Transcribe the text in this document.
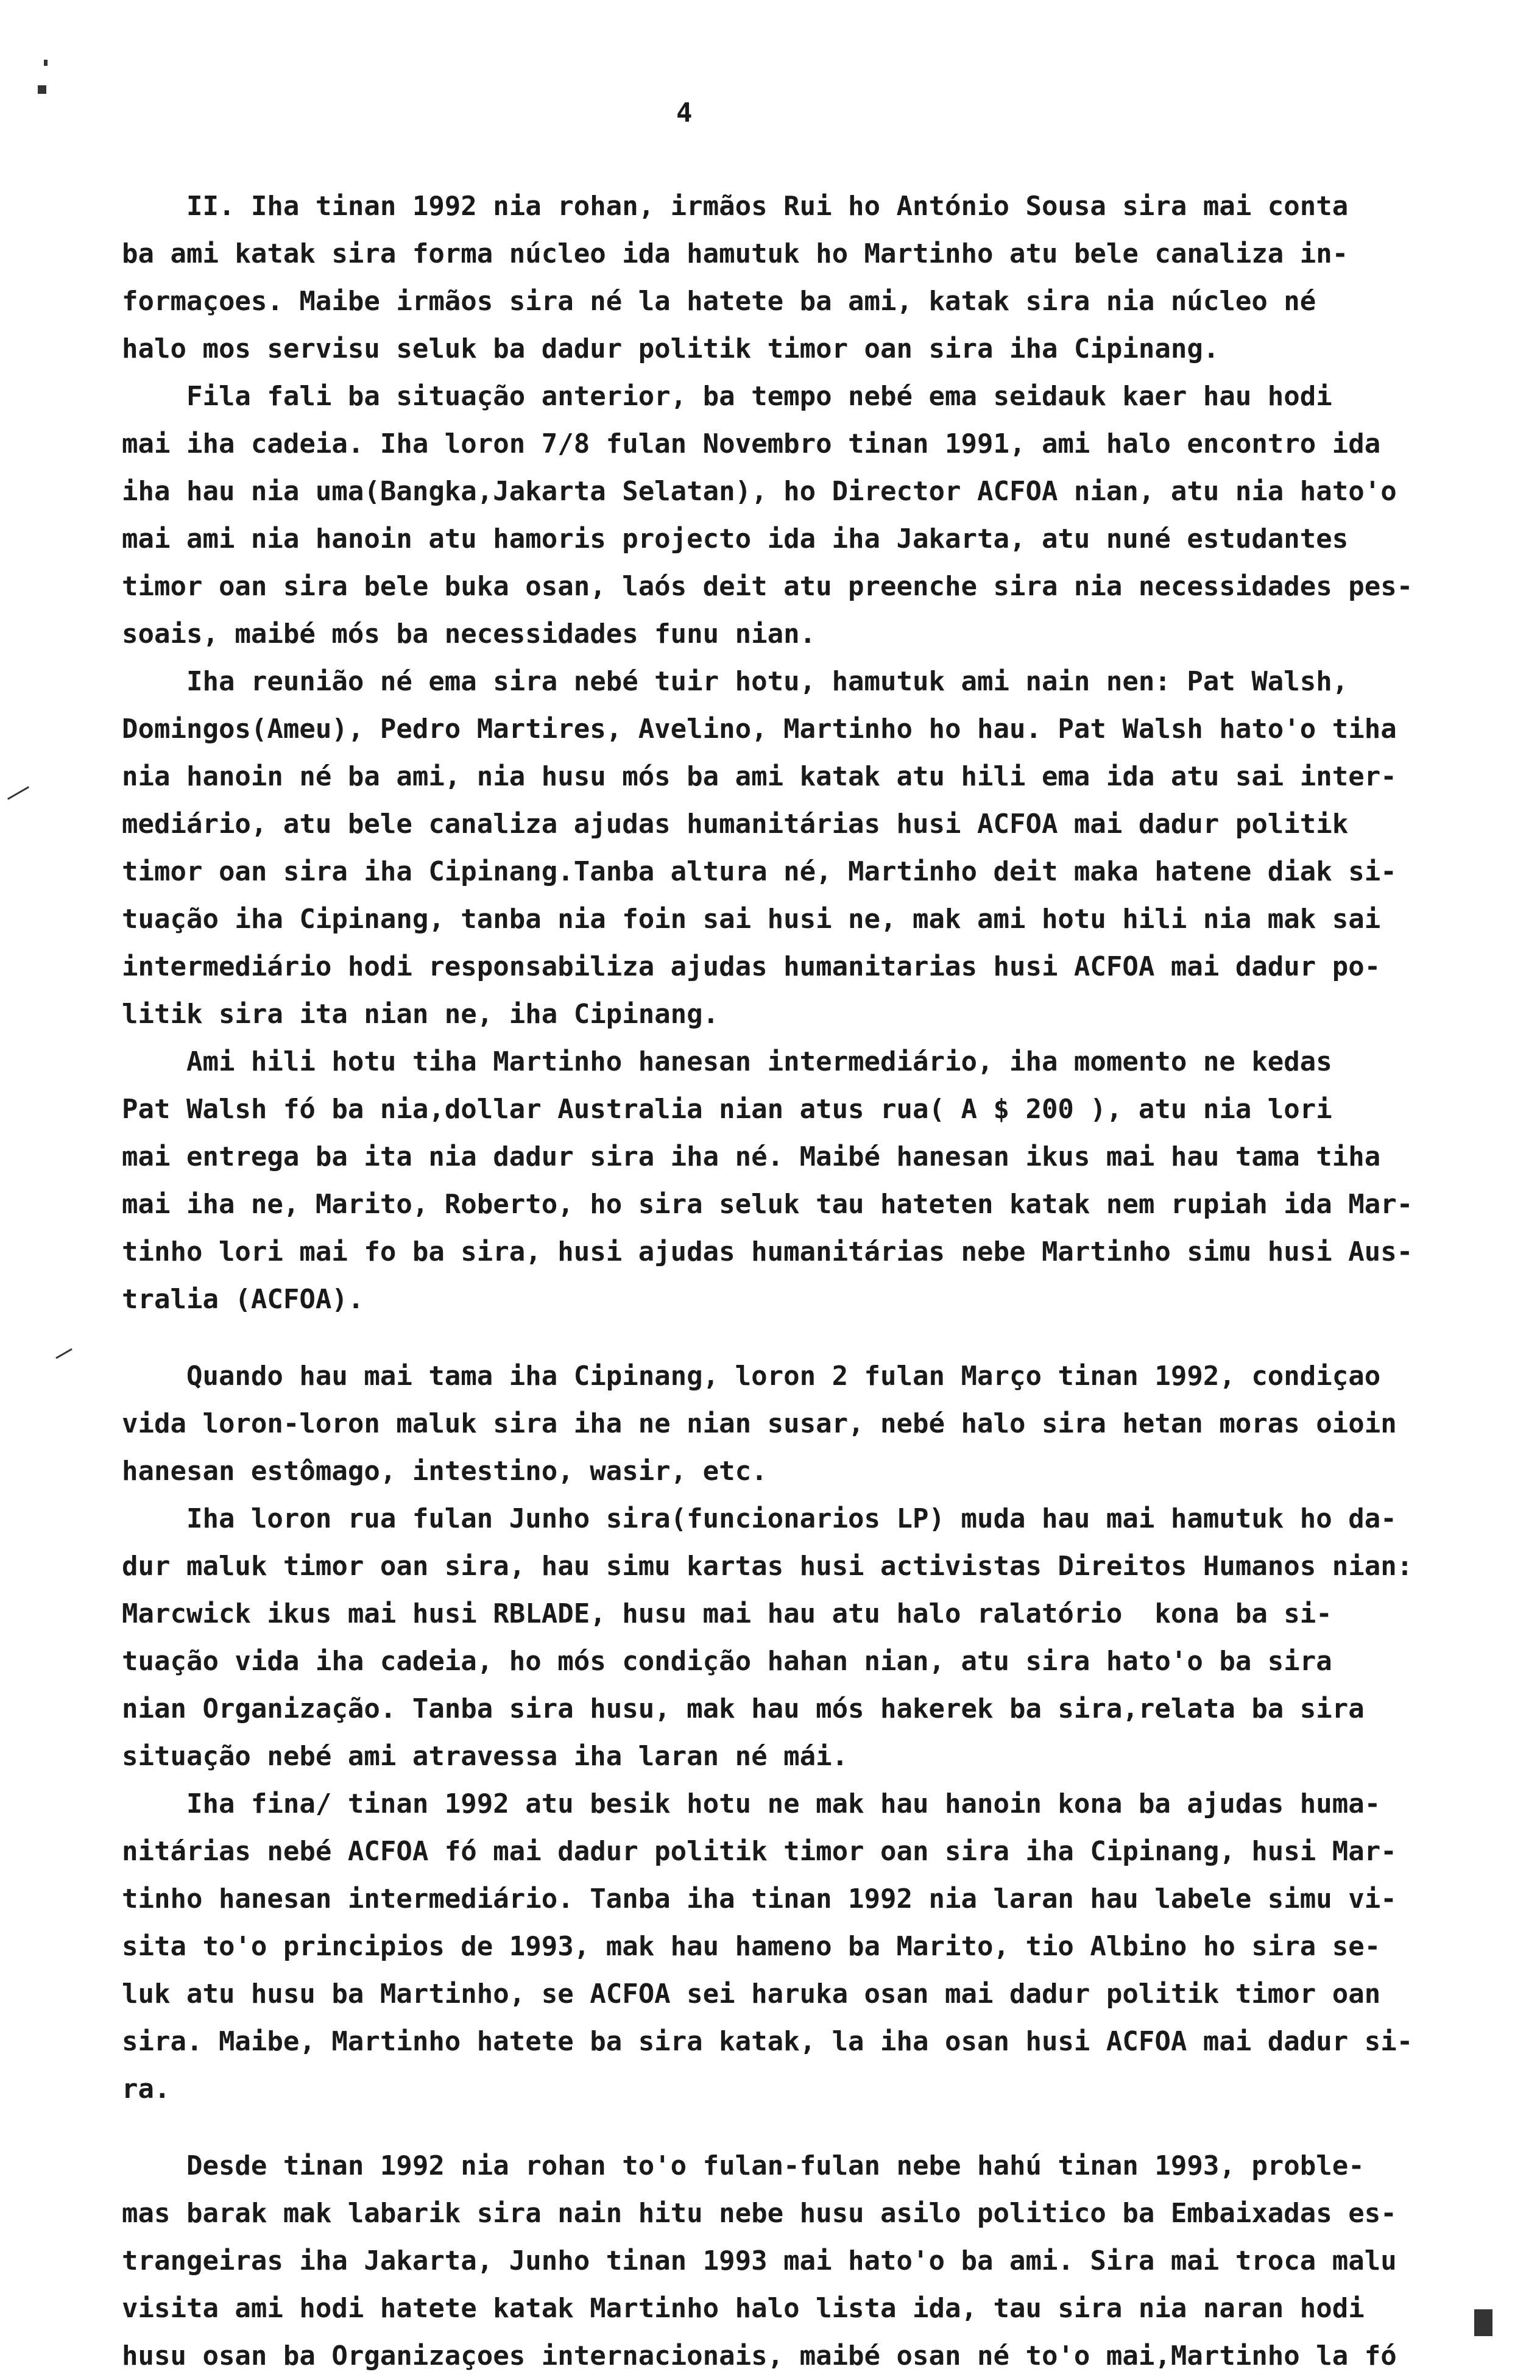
4
II. Iha tinan 1992 nia rohan, irmãos Rui ho António Sousa sira mai conta
ba ami katak sira forma núcleo ida hamutuk ho Martinho atu bele canaliza in-
formaçoes. Maibe irmãos sira né la hatete ba ami, katak sira nia núcleo né
halo mos servisu seluk ba dadur politik timor oan sira iha Cipinang.
Fila fali ba situação anterior, ba tempo nebé ema seidauk kaer hau hodi
mai iha cadeia. Iha loron 7/8 fulan Novembro tinan 1991, ami halo encontro ida
iha hau nia uma(Bangka,Jakarta Selatan), ho Director ACFOA nian, atu nia hato'o
mai ami nia hanoin atu hamoris projecto ida iha Jakarta, atu nuné estudantes
timor oan sira bele buka osan, laós deit atu preenche sira nia necessidades pes-
soais, maibé mós ba necessidades funu nian.
Iha reunião né ema sira nebé tuir hotu, hamutuk ami nain nen: Pat Walsh,
Domingos(Ameu), Pedro Martires, Avelino, Martinho ho hau. Pat Walsh hato'o tiha
nia hanoin né ba ami, nia husu mós ba ami katak atu hili ema ida atu sai inter-
mediário, atu bele canaliza ajudas humanitárias husi ACFOA mai dadur politik
timor oan sira iha Cipinang.Tanba altura né, Martinho deit maka hatene diak si-
tuação iha Cipinang, tanba nia foin sai husi ne, mak ami hotu hili nia mak sai
intermediário hodi responsabiliza ajudas humanitarias husi ACFOA mai dadur po-
litik sira ita nian ne, iha Cipinang.
Ami hili hotu tiha Martinho hanesan intermediário, iha momento ne kedas
Pat Walsh fó ba nia,dollar Australia nian atus rua( A $ 200 ), atu nia lori
mai entrega ba ita nia dadur sira iha né. Maibé hanesan ikus mai hau tama tiha
mai iha ne, Marito, Roberto, ho sira seluk tau hateten katak nem rupiah ida Mar-
tinho lori mai fo ba sira, husi ajudas humanitárias nebe Martinho simu husi Aus-
tralia (ACFOA).
Quando hau mai tama iha Cipinang, loron 2 fulan Março tinan 1992, condiçao
vida loron-loron maluk sira iha ne nian susar, nebé halo sira hetan moras oioin
hanesan estômago, intestino, wasir, etc.
Iha loron rua fulan Junho sira(funcionarios LP) muda hau mai hamutuk ho da-
dur maluk timor oan sira, hau simu kartas husi activistas Direitos Humanos nian:
Marcwick ikus mai husi RBLADE, husu mai hau atu halo ralatório  kona ba si-
tuação vida iha cadeia, ho mós condição hahan nian, atu sira hato'o ba sira
nian Organização. Tanba sira husu, mak hau mós hakerek ba sira,relata ba sira
situação nebé ami atravessa iha laran né mái.
Iha fina/ tinan 1992 atu besik hotu ne mak hau hanoin kona ba ajudas huma-
nitárias nebé ACFOA fó mai dadur politik timor oan sira iha Cipinang, husi Mar-
tinho hanesan intermediário. Tanba iha tinan 1992 nia laran hau labele simu vi-
sita to'o principios de 1993, mak hau hameno ba Marito, tio Albino ho sira se-
luk atu husu ba Martinho, se ACFOA sei haruka osan mai dadur politik timor oan
sira. Maibe, Martinho hatete ba sira katak, la iha osan husi ACFOA mai dadur si-
ra.
Desde tinan 1992 nia rohan to'o fulan-fulan nebe hahú tinan 1993, proble-
mas barak mak labarik sira nain hitu nebe husu asilo politico ba Embaixadas es-
trangeiras iha Jakarta, Junho tinan 1993 mai hato'o ba ami. Sira mai troca malu
visita ami hodi hatete katak Martinho halo lista ida, tau sira nia naran hodi
husu osan ba Organizaçoes internacionais, maibé osan né to'o mai,Martinho la fó
